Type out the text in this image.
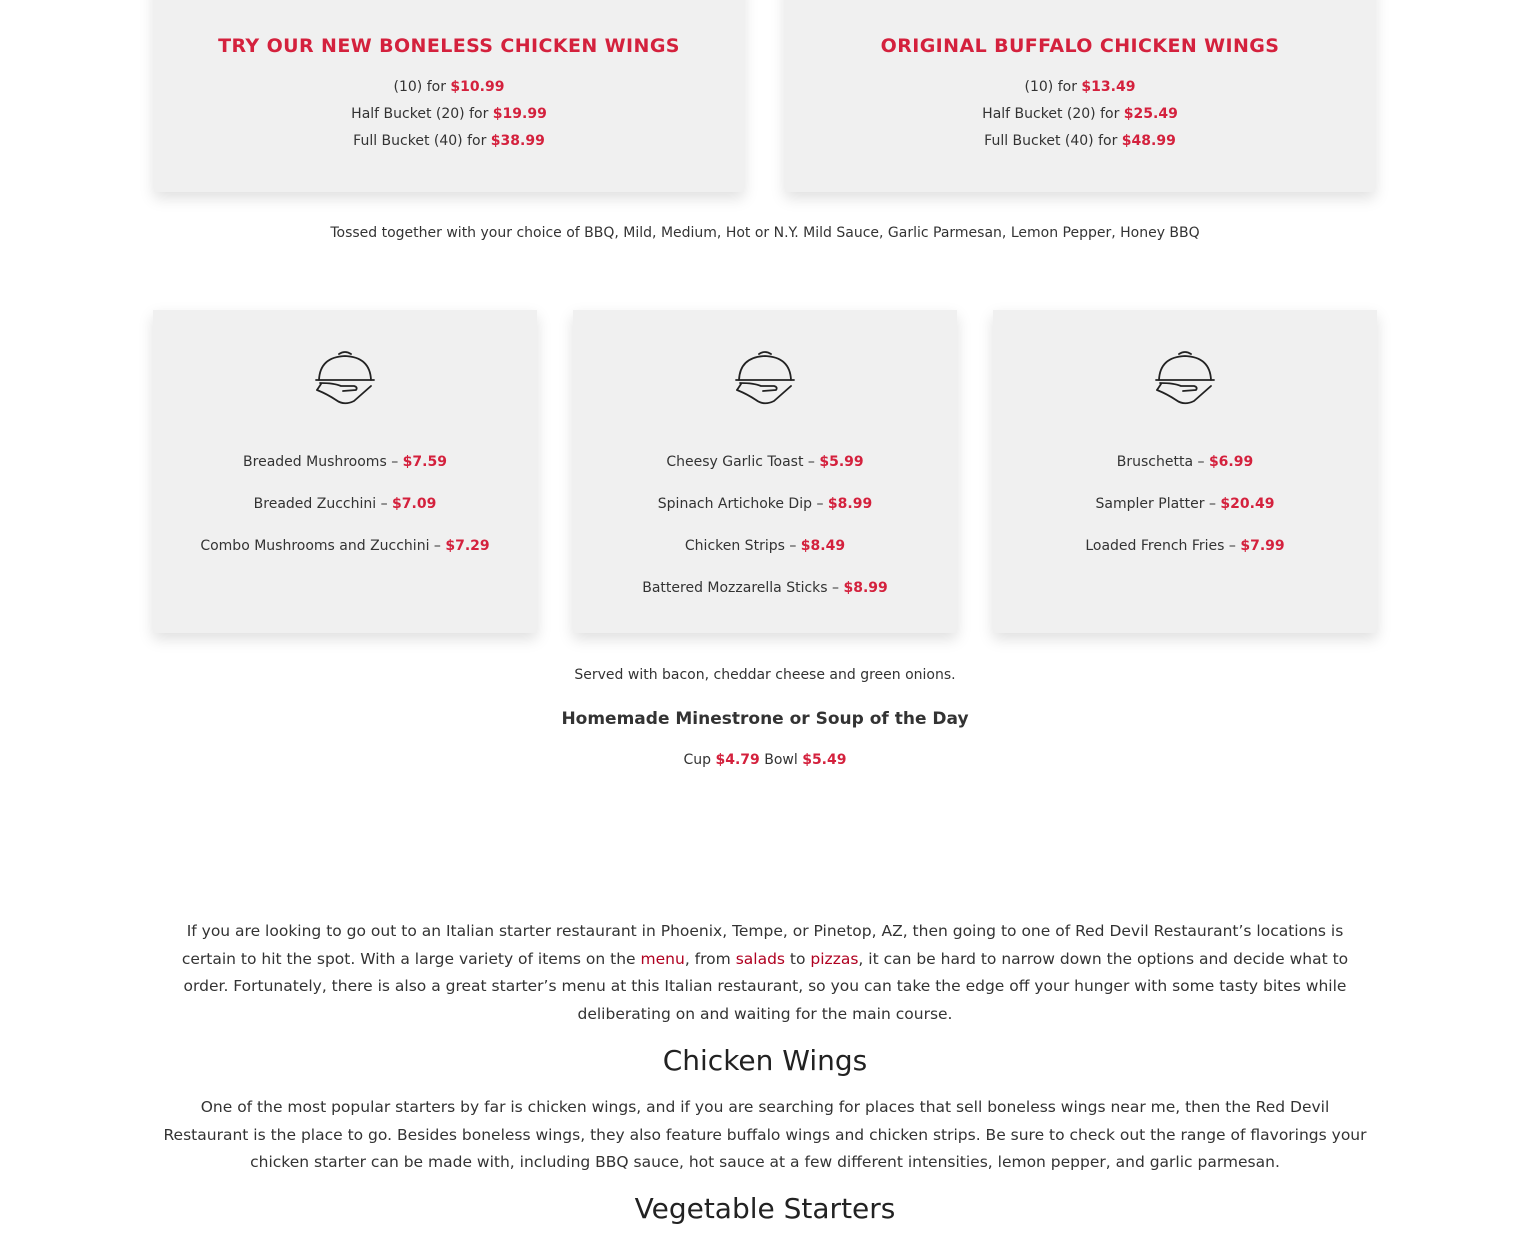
TRY OUR NEW BONELESS CHICKEN WINGS
(10) for $10.99
Half Bucket (20) for $19.99
Full Bucket (40) for $38.99
ORIGINAL BUFFALO CHICKEN WINGS
(10) for $13.49
Half Bucket (20) for $25.49
Full Bucket (40) for $48.99
Tossed together with your choice of BBQ, Mild, Medium, Hot or N.Y. Mild Sauce, Garlic Parmesan, Lemon Pepper, Honey BBQ
Breaded Mushrooms – $7.59
Breaded Zucchini – $7.09
Combo Mushrooms and Zucchini – $7.29
Cheesy Garlic Toast – $5.99
Spinach Artichoke Dip – $8.99
Chicken Strips – $8.49
Battered Mozzarella Sticks – $8.99
Bruschetta – $6.99
Sampler Platter – $20.49
Loaded French Fries – $7.99
Served with bacon, cheddar cheese and green onions.
Homemade Minestrone or Soup of the Day
Cup $4.79 Bowl $5.49
If you are looking to go out to an Italian starter restaurant in Phoenix, Tempe, or Pinetop, AZ, then going to one of Red Devil Restaurant’s locations is certain to hit the spot. With a large variety of items on the menu, from salads to pizzas, it can be hard to narrow down the options and decide what to order. Fortunately, there is also a great starter’s menu at this Italian restaurant, so you can take the edge off your hunger with some tasty bites while deliberating on and waiting for the main course.
Chicken Wings
One of the most popular starters by far is chicken wings, and if you are searching for places that sell boneless wings near me, then the Red Devil Restaurant is the place to go. Besides boneless wings, they also feature buffalo wings and chicken strips. Be sure to check out the range of flavorings your chicken starter can be made with, including BBQ sauce, hot sauce at a few different intensities, lemon pepper, and garlic parmesan.
Vegetable Starters
